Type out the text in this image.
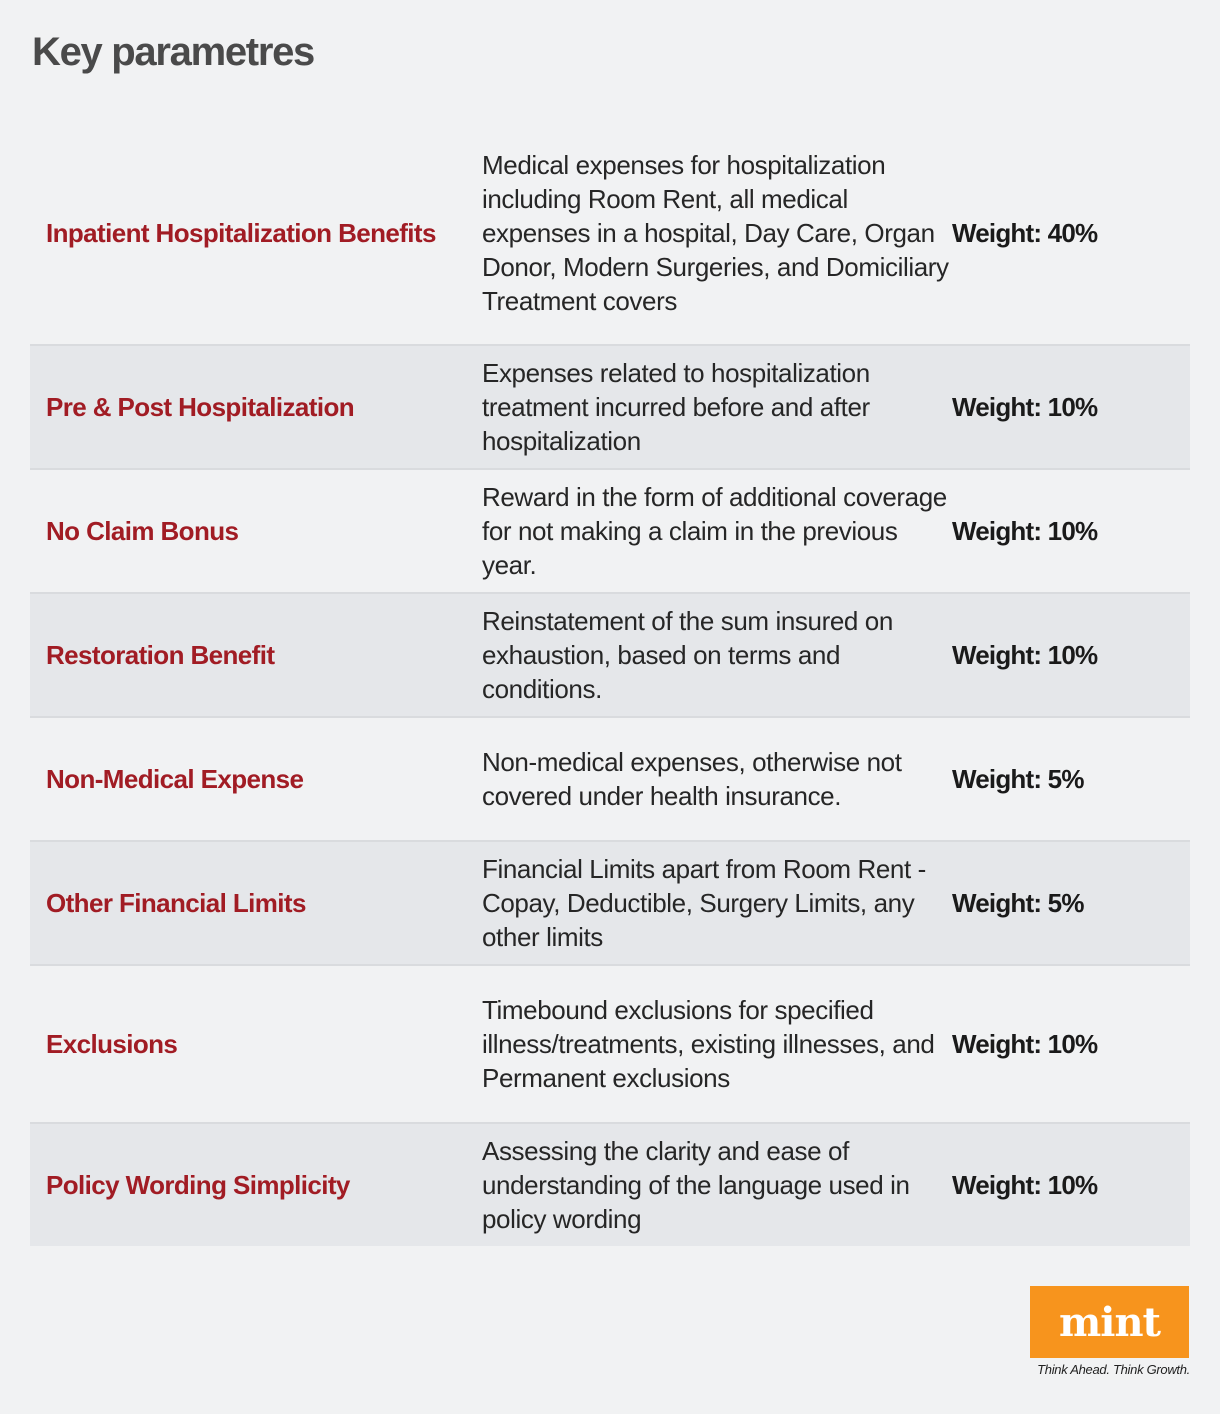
Key parametres
Inpatient Hospitalization Benefits
Medical expenses for hospitalization including Room Rent, all medical expenses in a hospital, Day Care, Organ Donor, Modern Surgeries, and Domiciliary Treatment covers
Weight: 40%
Pre & Post Hospitalization
Expenses related to hospitalization treatment incurred before and after hospitalization
Weight: 10%
No Claim Bonus
Reward in the form of additional coverage for not making a claim in the previous year.
Weight: 10%
Restoration Benefit
Reinstatement of the sum insured on exhaustion, based on terms and conditions.
Weight: 10%
Non-Medical Expense
Non-medical expenses, otherwise not covered under health insurance.
Weight: 5%
Other Financial Limits
Financial Limits apart from Room Rent - Copay, Deductible, Surgery Limits, any other limits
Weight: 5%
Exclusions
Timebound exclusions for specified illness/treatments, existing illnesses, and Permanent exclusions
Weight: 10%
Policy Wording Simplicity
Assessing the clarity and ease of understanding of the language used in policy wording
Weight: 10%
mint
Think Ahead. Think Growth.
